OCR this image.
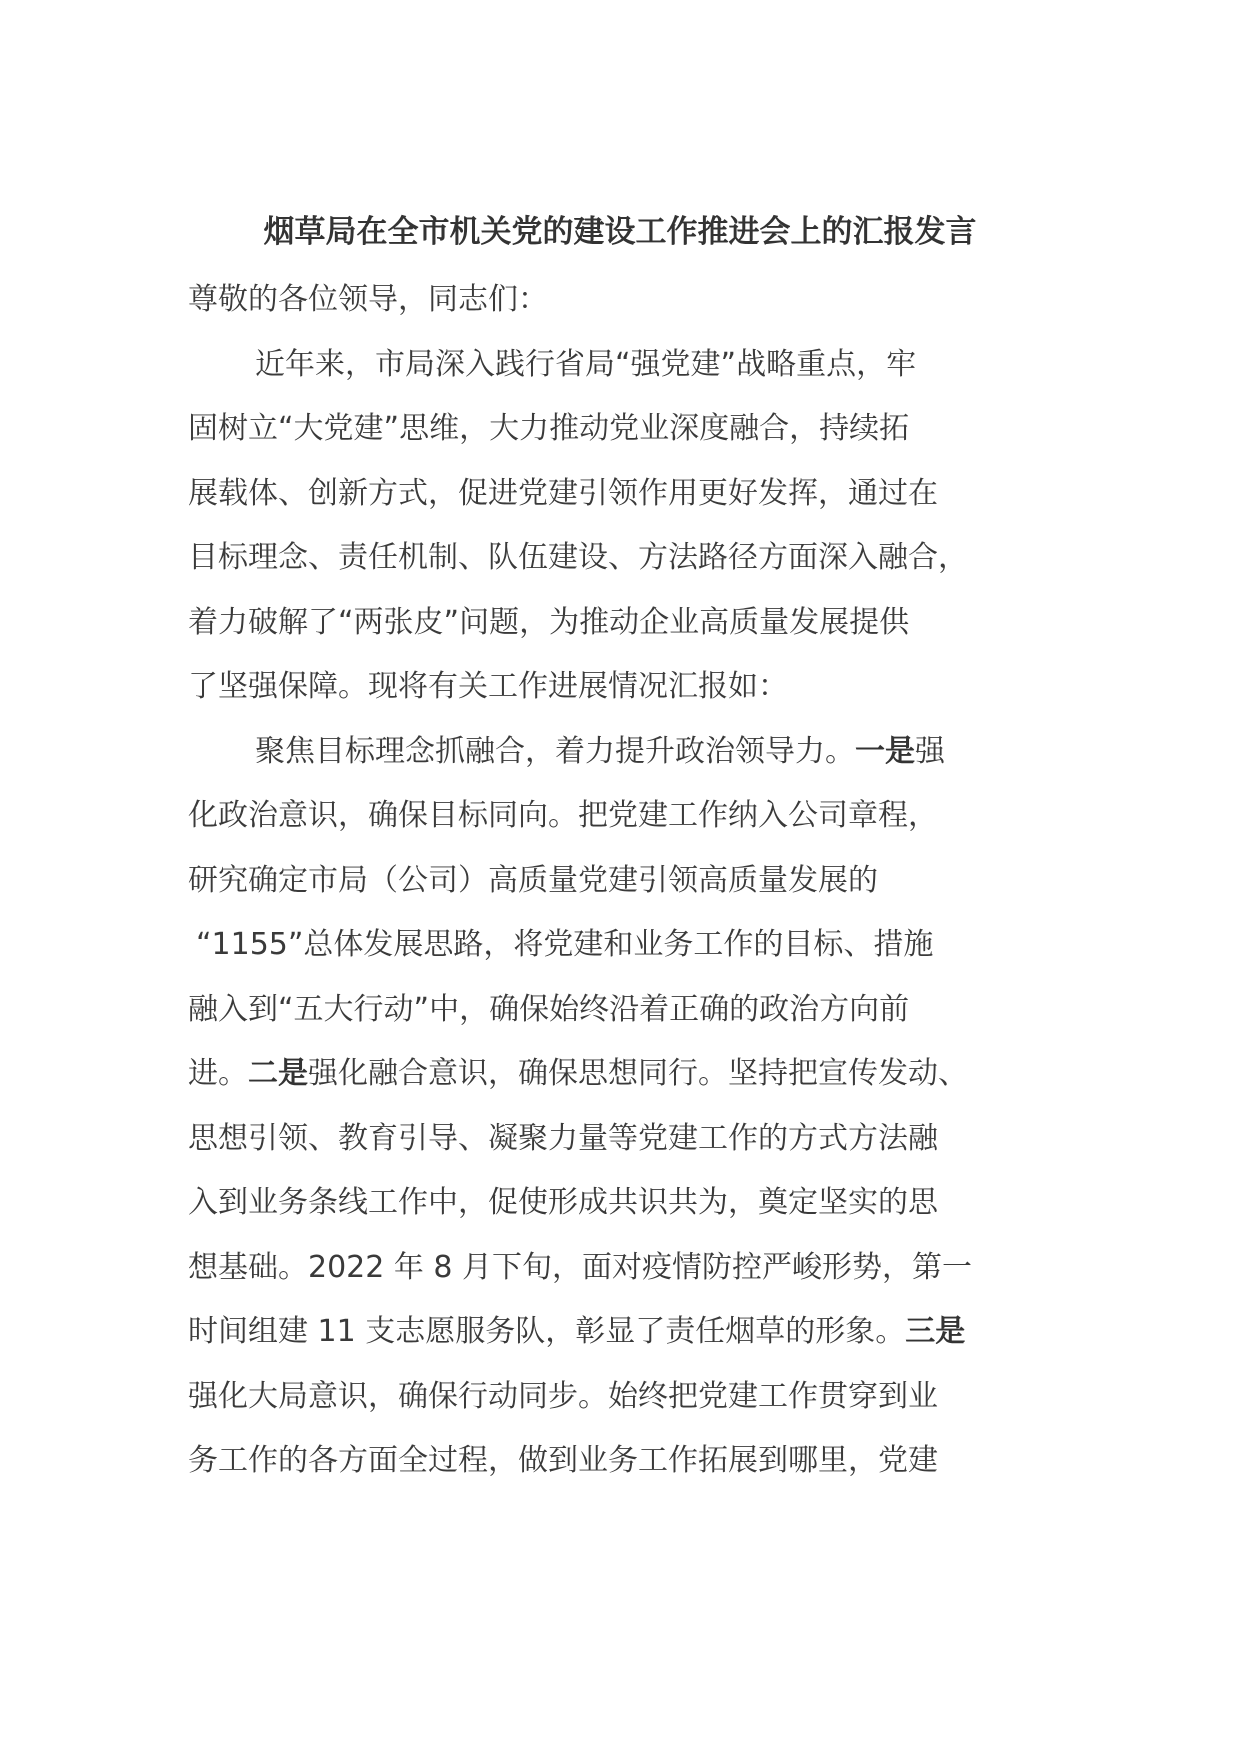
烟草局在全市机关党的建设工作推进会上的汇报发言
尊敬的各位领导，同志们：
近年来，市局深入践行省局“强党建”战略重点，牢
固树立“大党建”思维，大力推动党业深度融合，持续拓
展载体、创新方式，促进党建引领作用更好发挥，通过在
目标理念、责任机制、队伍建设、方法路径方面深入融合，
着力破解了“两张皮”问题，为推动企业高质量发展提供
了坚强保障。现将有关工作进展情况汇报如：
聚焦目标理念抓融合，着力提升政治领导力。一是强
化政治意识，确保目标同向。把党建工作纳入公司章程，
研究确定市局（公司）高质量党建引领高质量发展的
“1155”总体发展思路，将党建和业务工作的目标、措施
融入到“五大行动”中，确保始终沿着正确的政治方向前
进。二是强化融合意识，确保思想同行。坚持把宣传发动、
思想引领、教育引导、凝聚力量等党建工作的方式方法融
入到业务条线工作中，促使形成共识共为，奠定坚实的思
想基础。2022 年 8 月下旬，面对疫情防控严峻形势，第一
时间组建 11 支志愿服务队，彰显了责任烟草的形象。三是
强化大局意识，确保行动同步。始终把党建工作贯穿到业
务工作的各方面全过程，做到业务工作拓展到哪里，党建
